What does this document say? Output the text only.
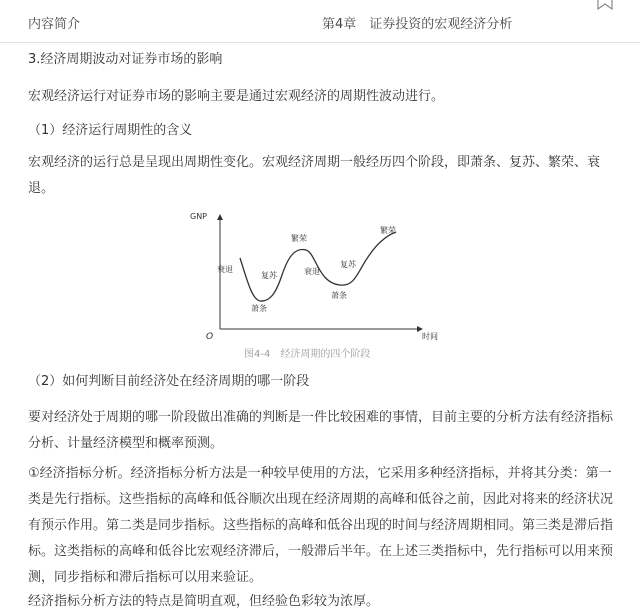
内容简介	第4章　证券投资的宏观经济分析
3.经济周期波动对证券市场的影响
宏观经济运行对证券市场的影响主要是通过宏观经济的周期性波动进行。
（1）经济运行周期性的含义
宏观经济的运行总是呈现出周期性变化。宏观经济周期一般经历四个阶段，即萧条、复苏、繁荣、衰退。
GNP
时间
O
衰退
复苏
萧条
繁荣
衰退
复苏
萧条
繁荣
图4-4 经济周期的四个阶段
（2）如何判断目前经济处在经济周期的哪一阶段
要对经济处于周期的哪一阶段做出准确的判断是一件比较困难的事情，目前主要的分析方法有经济指标分析、计量经济模型和概率预测。
①经济指标分析。经济指标分析方法是一种较早使用的方法，它采用多种经济指标，并将其分类：第一类是先行指标。这些指标的高峰和低谷顺次出现在经济周期的高峰和低谷之前，因此对将来的经济状况有预示作用。第二类是同步指标。这些指标的高峰和低谷出现的时间与经济周期相同。第三类是滞后指标。这类指标的高峰和低谷比宏观经济滞后，一般滞后半年。在上述三类指标中，先行指标可以用来预测，同步指标和滞后指标可以用来验证。
经济指标分析方法的特点是简明直观，但经验色彩较为浓厚。
